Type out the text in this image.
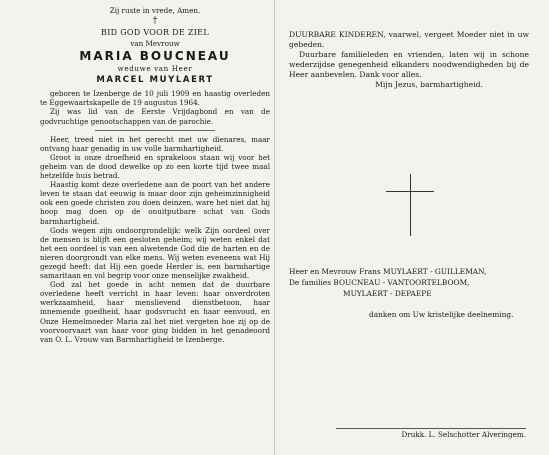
Zij ruste in vrede, Amen.
†
BID GOD VOOR DE ZIEL
van Mevrouw
MARIA BOUCNEAU
weduwe van Heer
MARCEL MUYLAERT
geboren te Izenberge de 10 juli 1909 en haastig overleden te Eggewaartskapelle de 19 augustus 1964.
Zij was lid van de Eerste Vrijdagbond en van de godvruchtige genootschappen van de parochie.
Heer, treed niet in het gerecht met uw dienares, maar ontvang haar genadig in uw volle barmhartigheid.
Groot is onze droefheid en sprakeloos staan wij voor het geheim van de dood dewelke op zo een korte tijd twee maal hetzelfde huis betrad.
Haastig komt deze overledene aan de poort van het andere leven te staan dat eeuwig is maar door zijn geheimzinnigheid ook een goede christen zou doen deinzen, ware het niet dat hij hoop mag doen op de onuitputbare schat van Gods barmhartigheid.
Gods wegen zijn ondoorgrondelijk: welk Zijn oordeel over de mensen is blijft een gesloten geheim; wij weten enkel dat het een oordeel is van een alwetende God die de harten en de nieren doorgrondt van elke mens. Wij weten eveneens wat Hij gezegd heeft: dat Hij een goede Herder is, een barmhartige samaritaan en vol begrip voor onze menselijke zwakheid.
God zal het goede in acht nemen dat de duurbare overledene heeft verricht in haar leven: haar onverdroten werkzaamheid, haar menslievend dienstbetoon, haar innemende goedheid, haar godsvrucht en haar eenvoud, en Onze Hemelmoeder Maria zal het niet vergeten hoe zij op de voorvoorvaart van haar voor ging bidden in het genadeoord van O. L. Vrouw van Barmhartigheid te Izenberge.
DUURBARE KINDEREN, vaarwel, vergeet Moeder niet in uw gebeden.
Duurbare familieleden en vrienden, laten wij in schone wederzijdse genegenheid elkanders noodwendigheden bij de Heer aanbevelen. Dank voor alles.
Mijn Jezus, barmhartigheid.
Heer en Mevrouw Frans MUYLAERT - GUILLEMAN,
De families BOUCNEAU - VANTOORTELBOOM,
MUYLAERT - DEPAEPE
danken om Uw kristelijke deelneming.
Drukk. L. Selschotter Alveringem.
